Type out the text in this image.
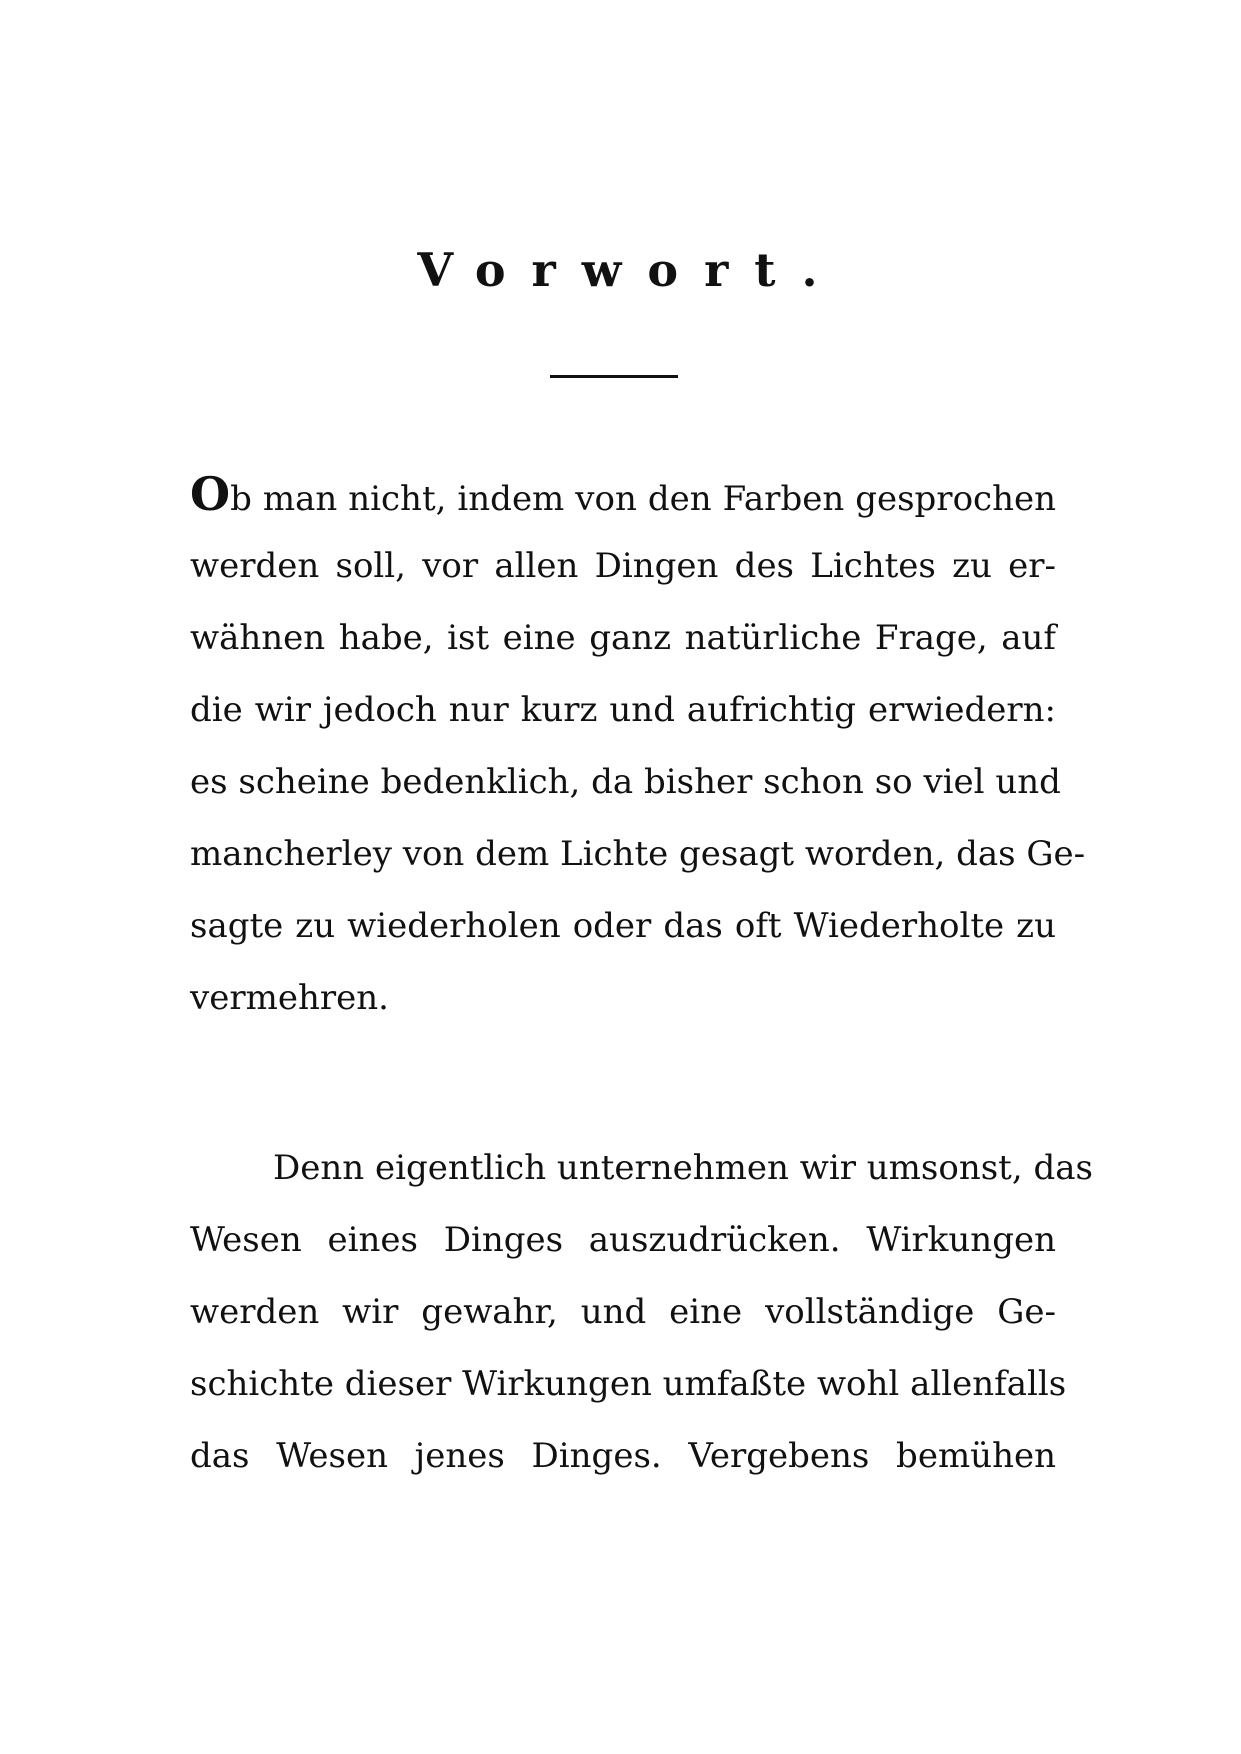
Vorwort.
Ob man nicht, indem von den Farben gesprochen
werden soll, vor allen Dingen des Lichtes zu er-
wähnen habe, ist eine ganz natürliche Frage, auf
die wir jedoch nur kurz und aufrichtig erwiedern:
es scheine bedenklich, da bisher schon so viel und
mancherley von dem Lichte gesagt worden, das Ge-
sagte zu wiederholen oder das oft Wiederholte zu
vermehren.
Denn eigentlich unternehmen wir umsonst, das
Wesen eines Dinges auszudrücken. Wirkungen
werden wir gewahr, und eine vollständige Ge-
schichte dieser Wirkungen umfaßte wohl allenfalls
das Wesen jenes Dinges. Vergebens bemühen
